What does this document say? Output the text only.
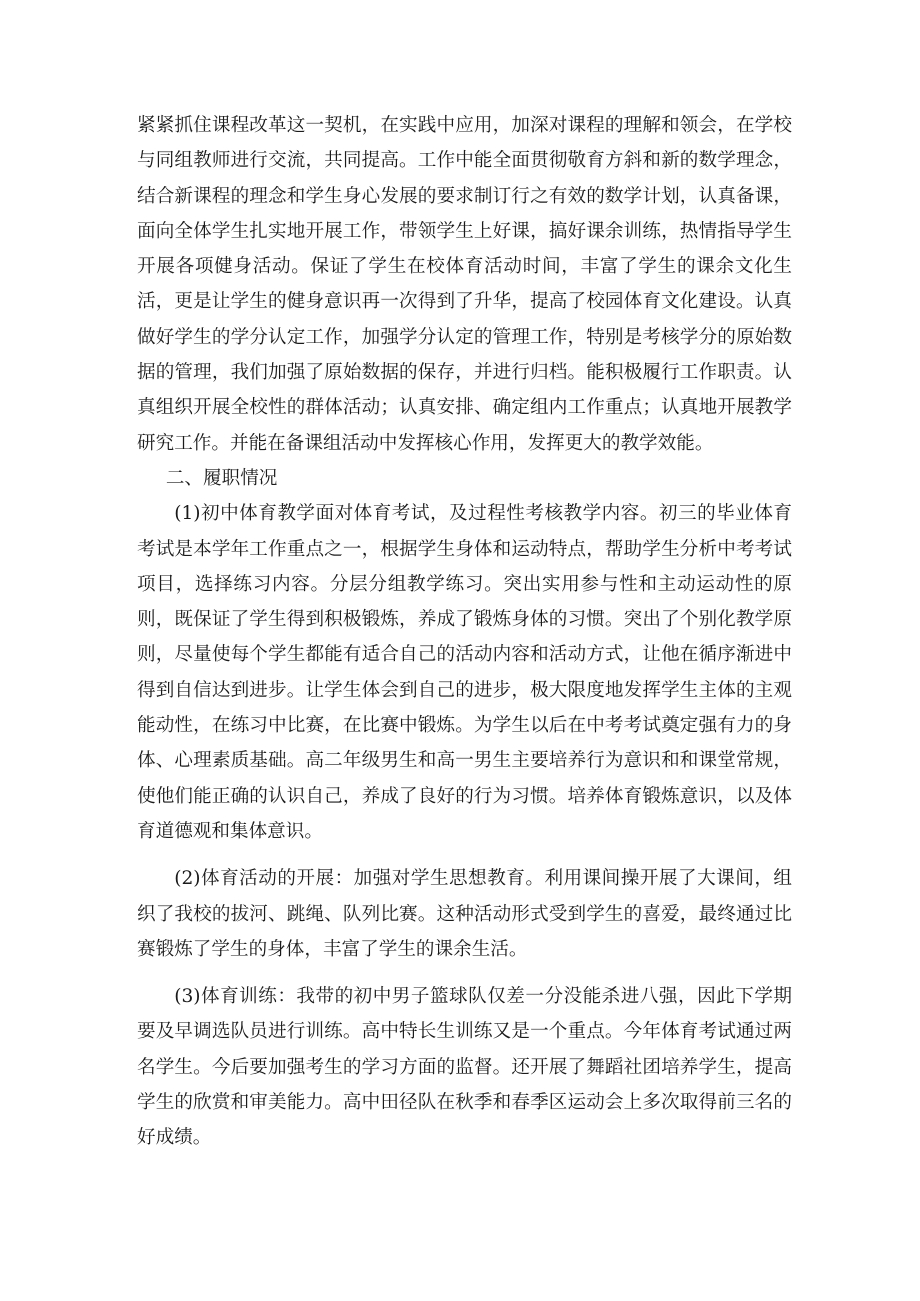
紧紧抓住课程改革这一契机，在实践中应用，加深对课程的理解和领会，在学校与同组教师进行交流，共同提高。工作中能全面贯彻敬育方斜和新的数学理念，结合新课程的理念和学生身心发展的要求制订行之有效的数学计划，认真备课，面向全体学生扎实地开展工作，带领学生上好课，搞好课余训练，热情指导学生开展各项健身活动。保证了学生在校体育活动时间，丰富了学生的课余文化生活，更是让学生的健身意识再一次得到了升华，提高了校园体育文化建设。认真做好学生的学分认定工作，加强学分认定的管理工作，特别是考核学分的原始数据的管理，我们加强了原始数据的保存，并进行归档。能积极履行工作职责。认真组织开展全校性的群体活动；认真安排、确定组内工作重点；认真地开展教学研究工作。并能在备课组活动中发挥核心作用，发挥更大的教学效能。

二、履职情况

(1)初中体育教学面对体育考试，及过程性考核教学内容。初三的毕业体育考试是本学年工作重点之一，根据学生身体和运动特点，帮助学生分析中考考试项目，选择练习内容。分层分组教学练习。突出实用参与性和主动运动性的原则，既保证了学生得到积极锻炼，养成了锻炼身体的习惯。突出了个别化教学原则，尽量使每个学生都能有适合自己的活动内容和活动方式，让他在循序渐进中得到自信达到进步。让学生体会到自己的进步，极大限度地发挥学生主体的主观能动性，在练习中比赛，在比赛中锻炼。为学生以后在中考考试奠定强有力的身体、心理素质基础。高二年级男生和高一男生主要培养行为意识和和课堂常规，使他们能正确的认识自己，养成了良好的行为习惯。培养体育锻炼意识，以及体育道德观和集体意识。

(2)体育活动的开展：加强对学生思想教育。利用课间操开展了大课间，组织了我校的拔河、跳绳、队列比赛。这种活动形式受到学生的喜爱，最终通过比赛锻炼了学生的身体，丰富了学生的课余生活。

(3)体育训练：我带的初中男子篮球队仅差一分没能杀进八强，因此下学期要及早调选队员进行训练。高中特长生训练又是一个重点。今年体育考试通过两名学生。今后要加强考生的学习方面的监督。还开展了舞蹈社团培养学生，提高学生的欣赏和审美能力。高中田径队在秋季和春季区运动会上多次取得前三名的好成绩。
